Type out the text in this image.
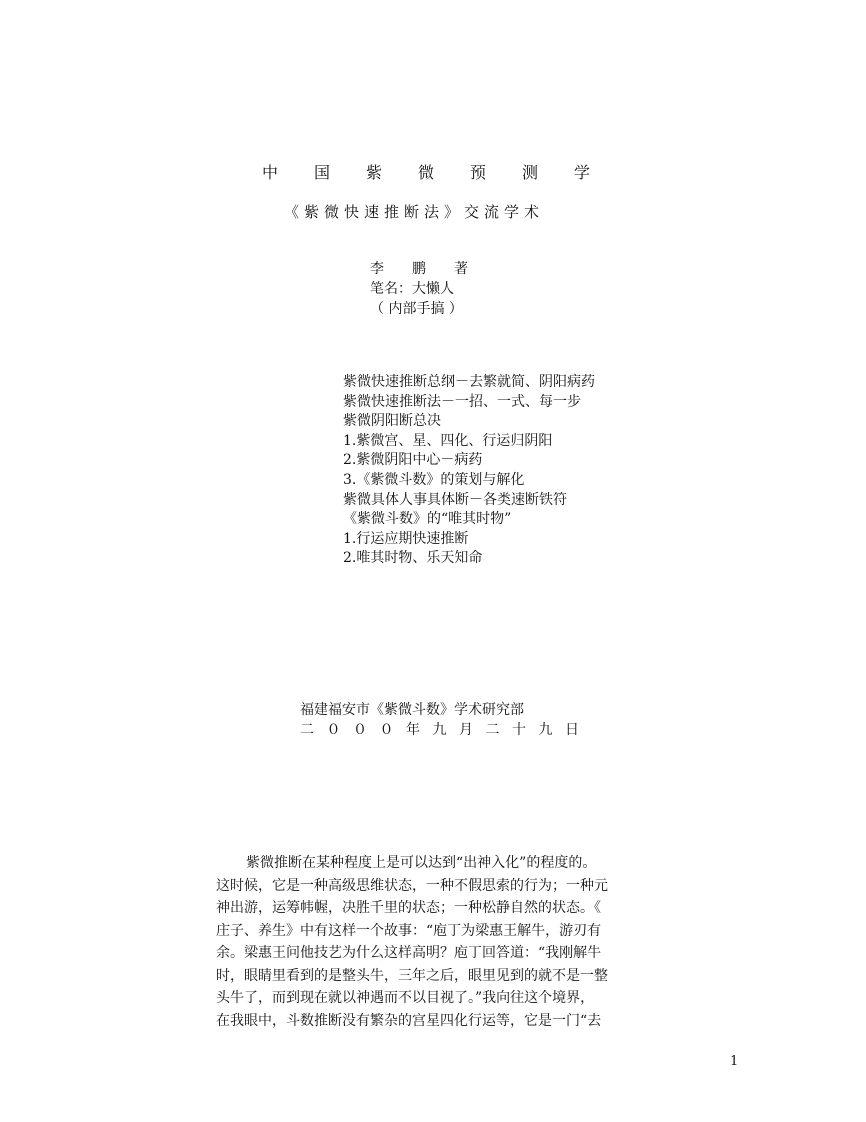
中 国 紫 微 预 测 学
《紫微快速推断法》交流学术
李 鹏 著
笔名：大懒人
（ 内部手搞 ）
紫微快速推断总纲－去繁就简、阴阳病药
紫微快速推断法－一招、一式、每一步
紫微阴阳断总决
1.紫微宫、星、四化、行运归阴阳
2.紫微阴阳中心－病药
3.《紫微斗数》的策划与解化
紫微具体人事具体断－各类速断铁符
《紫微斗数》的“唯其时物”
1.行运应期快速推断
2.唯其时物、乐天知命
福建福安市《紫微斗数》学术研究部
二 ０ ０ ０ 年 九 月 二 十 九 日
紫微推断在某种程度上是可以达到“出神入化”的程度的。
这时候，它是一种高级思维状态，一种不假思索的行为；一种元
神出游，运筹帏幄，决胜千里的状态；一种松静自然的状态。《
庄子、养生》中有这样一个故事：“庖丁为梁惠王解牛，游刃有
余。梁惠王问他技艺为什么这样高明？庖丁回答道：“我刚解牛
时，眼睛里看到的是整头牛，三年之后，眼里见到的就不是一整
头牛了，而到现在就以神遇而不以目视了。”我向往这个境界，
在我眼中，斗数推断没有繁杂的宫星四化行运等，它是一门“去
1
